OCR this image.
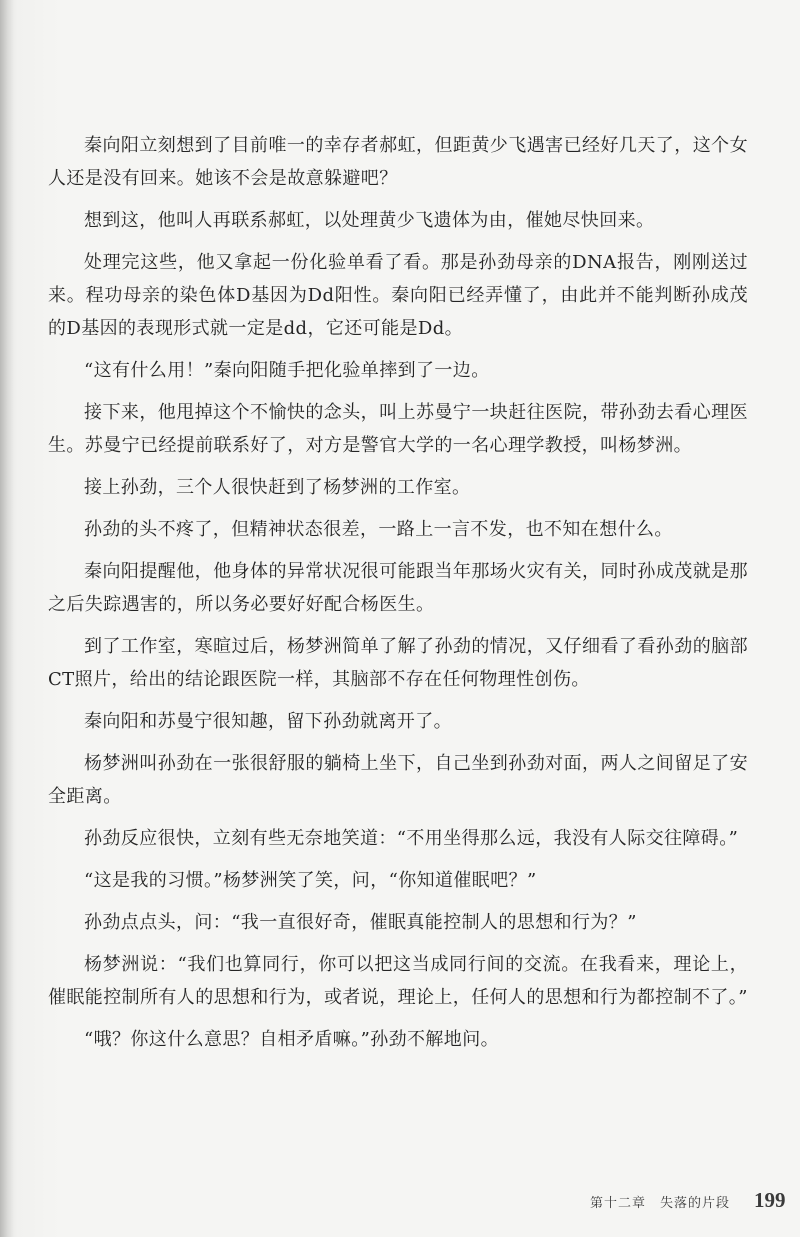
秦向阳立刻想到了目前唯一的幸存者郝虹，但距黄少飞遇害已经好几天了，这个女人还是没有回来。她该不会是故意躲避吧？

想到这，他叫人再联系郝虹，以处理黄少飞遗体为由，催她尽快回来。

处理完这些，他又拿起一份化验单看了看。那是孙劲母亲的DNA报告，刚刚送过来。程功母亲的染色体D基因为Dd阳性。秦向阳已经弄懂了，由此并不能判断孙成茂的D基因的表现形式就一定是dd，它还可能是Dd。

“这有什么用！”秦向阳随手把化验单摔到了一边。

接下来，他甩掉这个不愉快的念头，叫上苏曼宁一块赶往医院，带孙劲去看心理医生。苏曼宁已经提前联系好了，对方是警官大学的一名心理学教授，叫杨梦洲。

接上孙劲，三个人很快赶到了杨梦洲的工作室。

孙劲的头不疼了，但精神状态很差，一路上一言不发，也不知在想什么。

秦向阳提醒他，他身体的异常状况很可能跟当年那场火灾有关，同时孙成茂就是那之后失踪遇害的，所以务必要好好配合杨医生。

到了工作室，寒暄过后，杨梦洲简单了解了孙劲的情况，又仔细看了看孙劲的脑部CT照片，给出的结论跟医院一样，其脑部不存在任何物理性创伤。

秦向阳和苏曼宁很知趣，留下孙劲就离开了。

杨梦洲叫孙劲在一张很舒服的躺椅上坐下，自己坐到孙劲对面，两人之间留足了安全距离。

孙劲反应很快，立刻有些无奈地笑道：“不用坐得那么远，我没有人际交往障碍。”

“这是我的习惯。”杨梦洲笑了笑，问，“你知道催眠吧？”

孙劲点点头，问：“我一直很好奇，催眠真能控制人的思想和行为？”

杨梦洲说：“我们也算同行，你可以把这当成同行间的交流。在我看来，理论上，催眠能控制所有人的思想和行为，或者说，理论上，任何人的思想和行为都控制不了。”

“哦？你这什么意思？自相矛盾嘛。”孙劲不解地问。

第十二章　失落的片段 199
